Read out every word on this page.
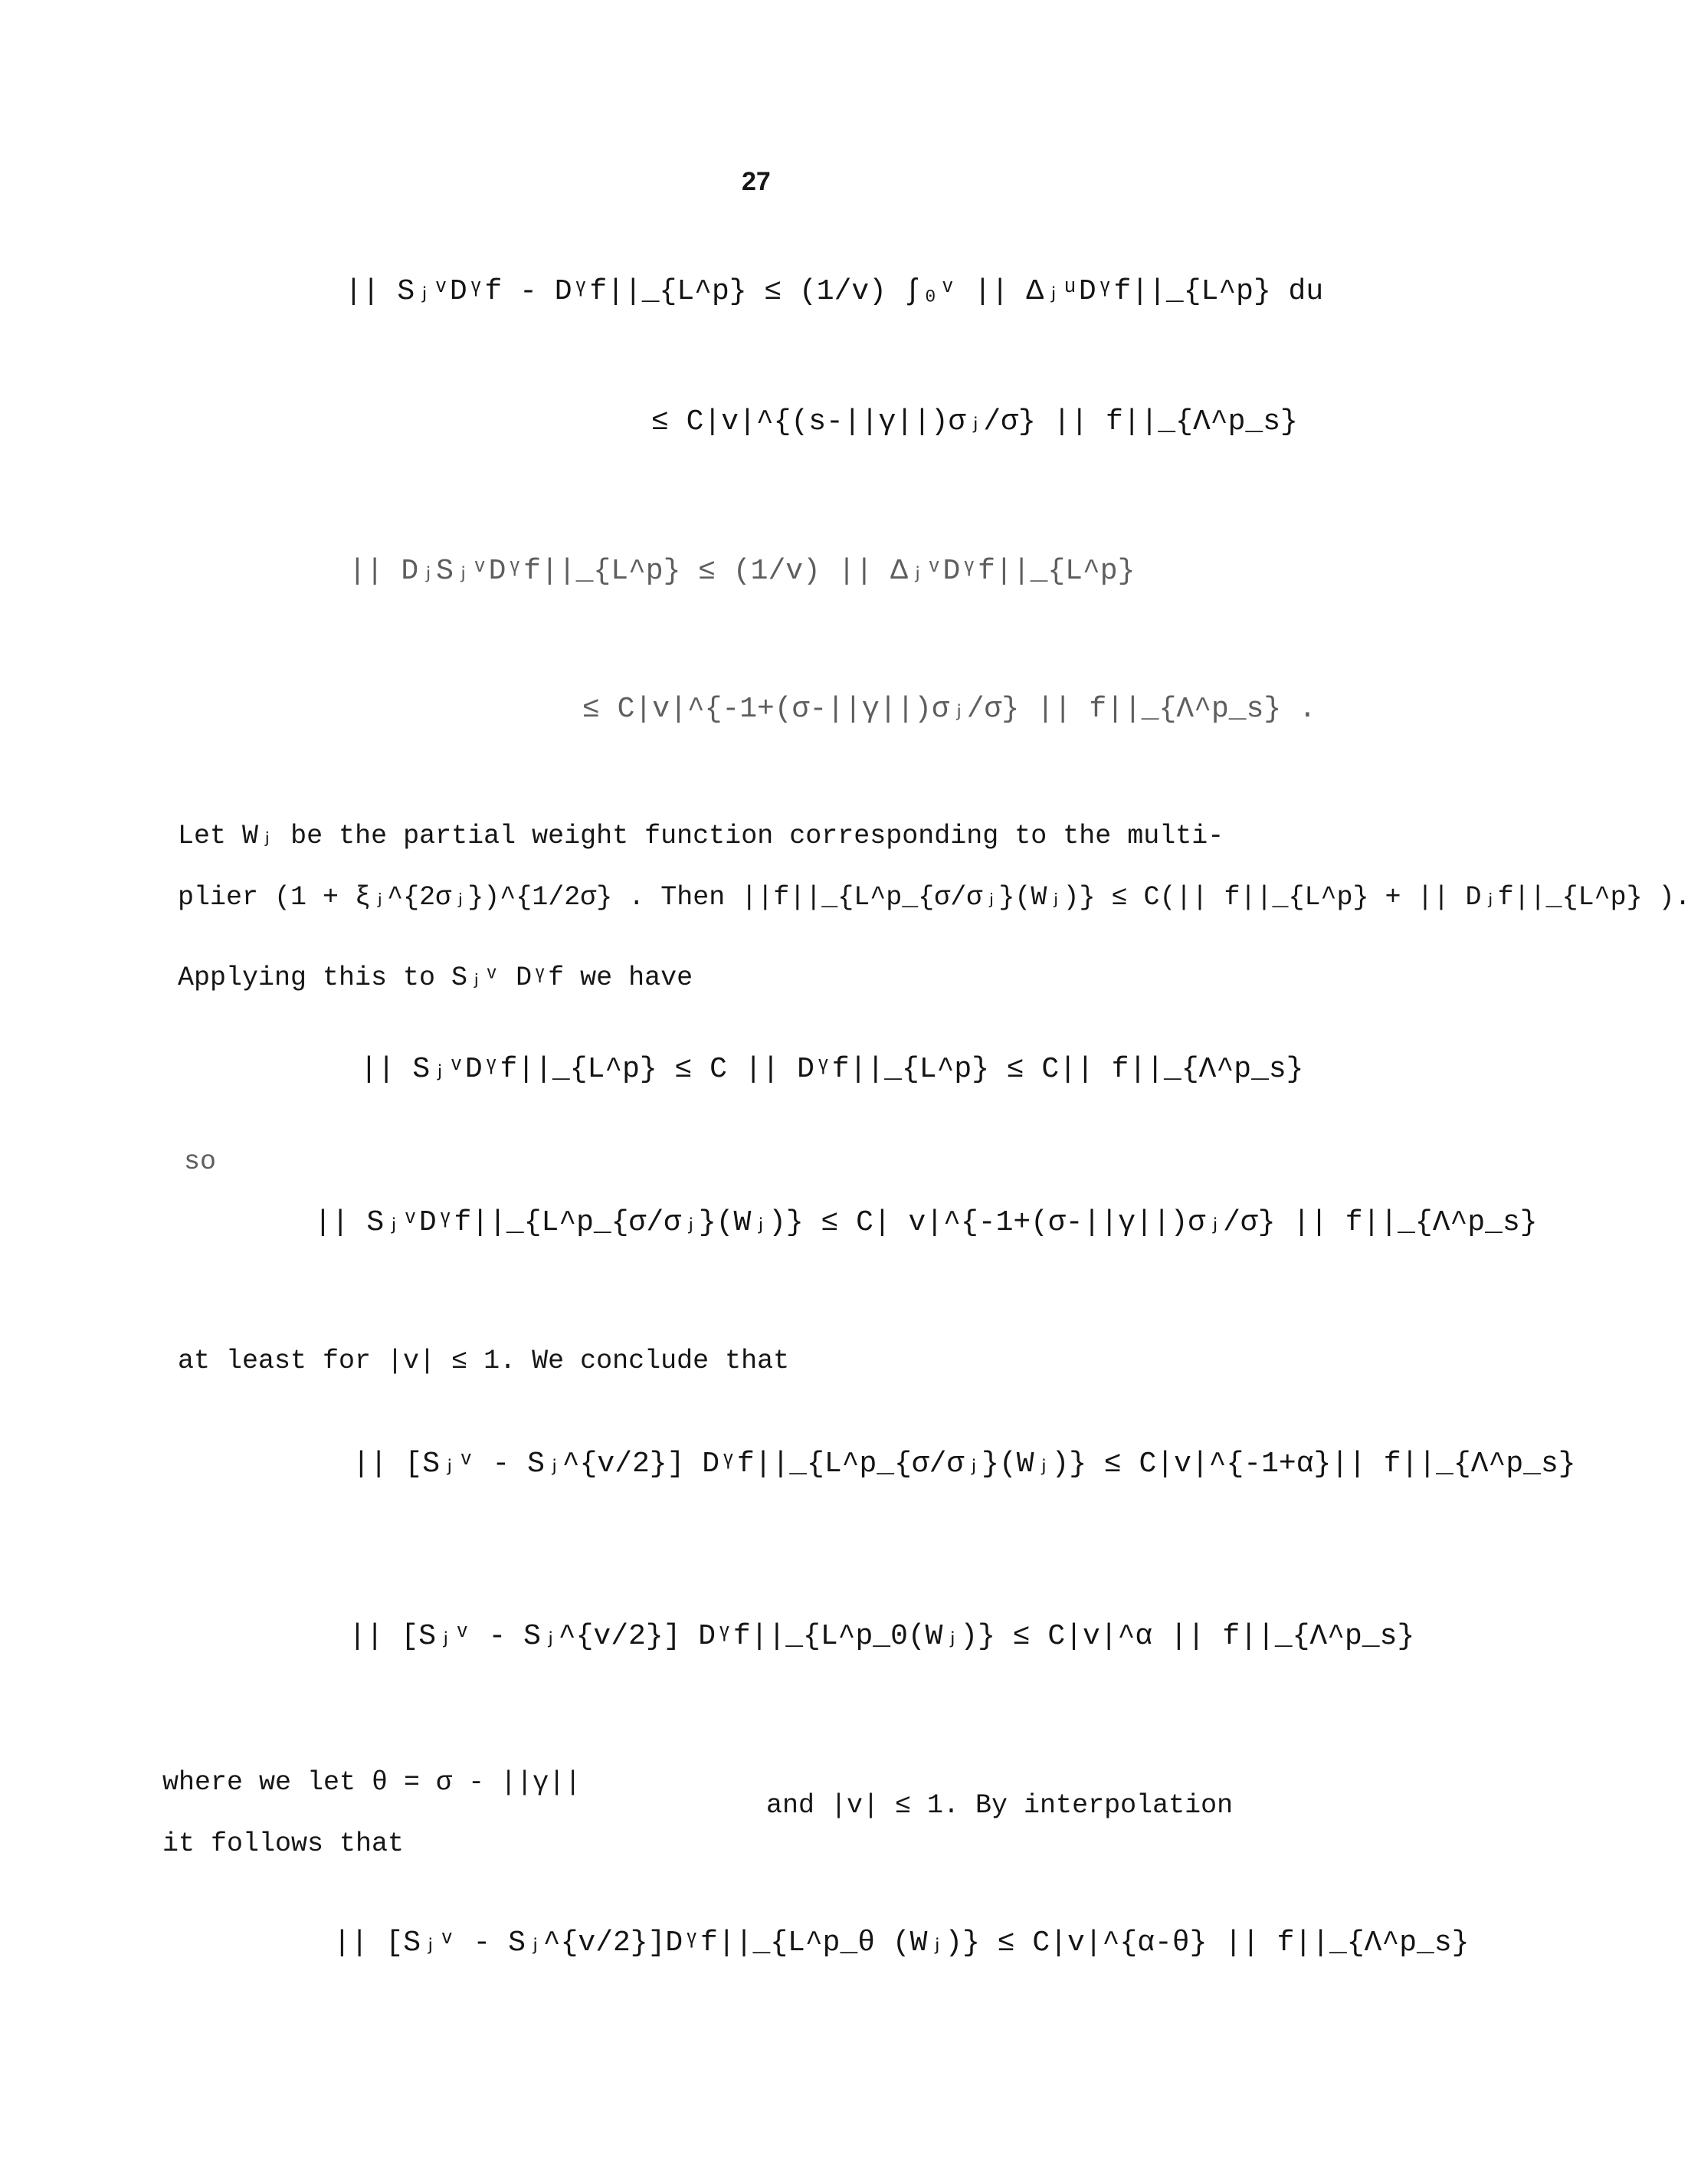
27
|| SⱼᵛDᵞf - Dᵞf||_{L^p} ≤ (1/v) ∫₀ᵛ || ΔⱼᵘDᵞf||_{L^p} du
≤ C|v|^{(s-||γ||)σⱼ/σ} || f||_{Λ^p_s}
|| DⱼSⱼᵛDᵞf||_{L^p} ≤ (1/v) || ΔⱼᵛDᵞf||_{L^p}
≤ C|v|^{-1+(σ-||γ||)σⱼ/σ} || f||_{Λ^p_s} .
Let Wⱼ be the partial weight function corresponding to the multi-
plier (1 + ξⱼ^{2σⱼ})^{1/2σ} . Then ||f||_{L^p_{σ/σⱼ}(Wⱼ)} ≤ C(|| f||_{L^p} + || Dⱼf||_{L^p} ).
Applying this to Sⱼᵛ Dᵞf we have
|| SⱼᵛDᵞf||_{L^p} ≤ C || Dᵞf||_{L^p} ≤ C|| f||_{Λ^p_s}
so
|| SⱼᵛDᵞf||_{L^p_{σ/σⱼ}(Wⱼ)} ≤ C| v|^{-1+(σ-||γ||)σⱼ/σ} || f||_{Λ^p_s}
at least for |v| ≤ 1. We conclude that
|| [Sⱼᵛ - Sⱼ^{v/2}] Dᵞf||_{L^p_{σ/σⱼ}(Wⱼ)} ≤ C|v|^{-1+α}|| f||_{Λ^p_s}
|| [Sⱼᵛ - Sⱼ^{v/2}] Dᵞf||_{L^p_0(Wⱼ)} ≤ C|v|^α || f||_{Λ^p_s}
where we let θ = σ - ||γ||
and |v| ≤ 1. By interpolation
it follows that
|| [Sⱼᵛ - Sⱼ^{v/2}]Dᵞf||_{L^p_θ (Wⱼ)} ≤ C|v|^{α-θ} || f||_{Λ^p_s}
